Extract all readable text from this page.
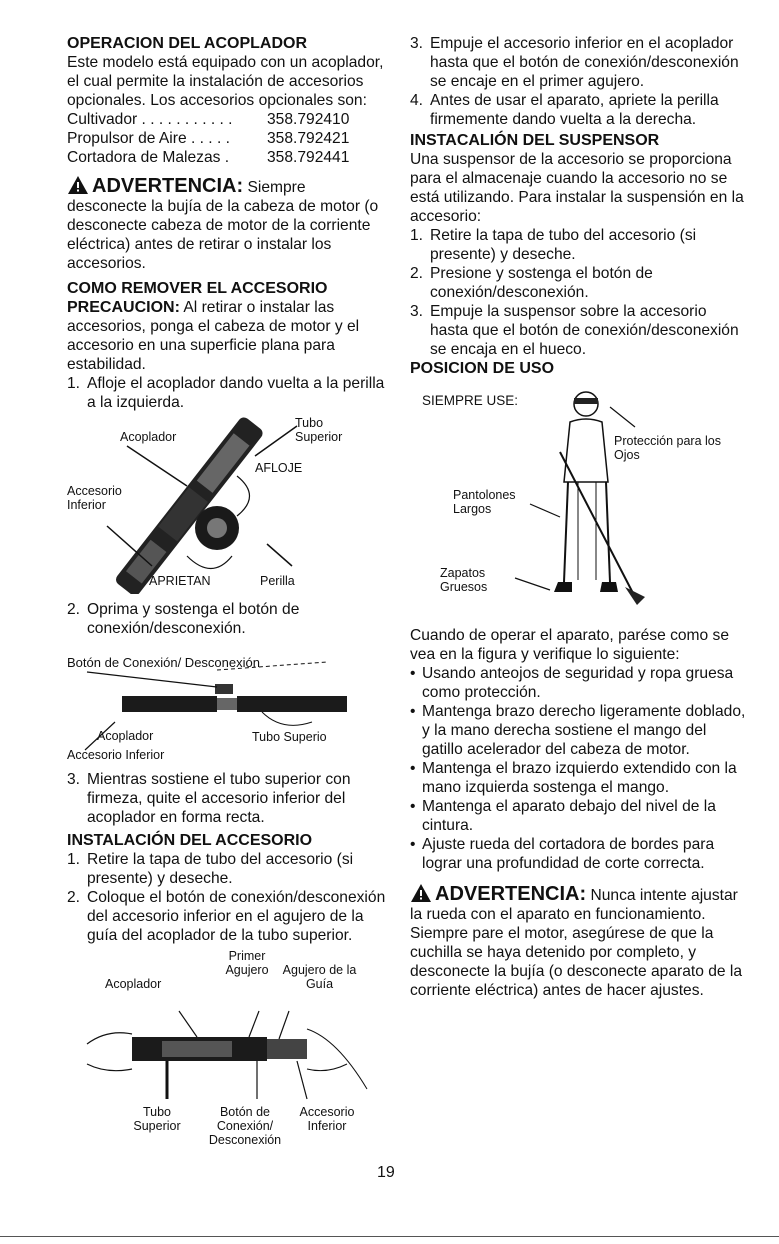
OPERACION DEL ACOPLADOR

Este modelo está equipado con un acoplador, el cual permite la instalación de accesorios opcionales. Los accesorios opcionales son:

Cultivador . . . . . . . . . . .	358.792410
Propulsor de Aire . . . . .	358.792421
Cortadora de Malezas .	358.792441

ADVERTENCIA: Siempre desconecte la bujía de la cabeza de motor (o desconecte cabeza de motor de la corriente eléctrica) antes de retirar o instalar los accesorios.

COMO REMOVER EL ACCESORIO

PRECAUCION: Al retirar o instalar las accesorios, ponga el cabeza de motor y el accesorio en una superficie plana para estabilidad.

1. Afloje el acoplador dando vuelta a la perilla a la izquierda.
Acoplador
Tubo Superior
AFLOJE
Accesorio Inferior
APRIETAN	Perilla
2. Oprima y sostenga el botón de conexión/desconexión.
Botón de Conexión/ Desconexión
Acoplador	Tubo Superio
Accesorio Inferior
3. Mientras sostiene el tubo superior con firmeza, quite el accesorio inferior del acoplador en forma recta.
INSTALACIÓN DEL ACCESORIO
1. Retire la tapa de tubo del accesorio (si presente) y deseche.
2. Coloque el botón de conexión/desconexión del accesorio inferior en el agujero de la guía del acoplador de la tubo superior.
Primer Agujero
Acoplador
Agujero de la Guía
Tubo Superior
Botón de Conexión/ Desconexión
Accesorio Inferior
3. Empuje el accesorio inferior en el acoplador hasta que el botón de conexión/desconexión se encaje en el primer agujero.
4. Antes de usar el aparato, apriete la perilla firmemente dando vuelta a la derecha.
INSTACALIÓN DEL SUSPENSOR

Una suspensor de la accesorio se proporciona para el almacenaje cuando la accesorio no se está utilizando. Para instalar la suspensión en la accesorio:

1. Retire la tapa de tubo del accesorio (si presente) y deseche.
2. Presione y sostenga el botón de conexión/desconexión.
3. Empuje la suspensor sobre la accesorio hasta que el botón de conexión/desconexión se encaja en el hueco.
POSICION DE USO
SIEMPRE USE:
Protección para los Ojos
Pantolones Largos
Zapatos Gruesos

Cuando de operar el aparato, parése como se vea en la figura y verifique lo siguiente:

• Usando anteojos de seguridad y ropa gruesa como protección.
• Mantenga brazo derecho ligeramente doblado, y la mano derecha sostiene el mango del gatillo acelerador del cabeza de motor.
• Mantenga el brazo izquierdo extendido con la mano izquierda sostenga el mango.
• Mantenga el aparato debajo del nivel de la cintura.
• Ajuste rueda del cortadora de bordes para lograr una profundidad de corte correcta.

ADVERTENCIA: Nunca intente ajustar la rueda con el aparato en funcionamiento. Siempre pare el motor, asegúrese de que la cuchilla se haya detenido por completo, y desconecte la bujía (o desconecte aparato de la corriente eléctrica) antes de hacer ajustes.

19
